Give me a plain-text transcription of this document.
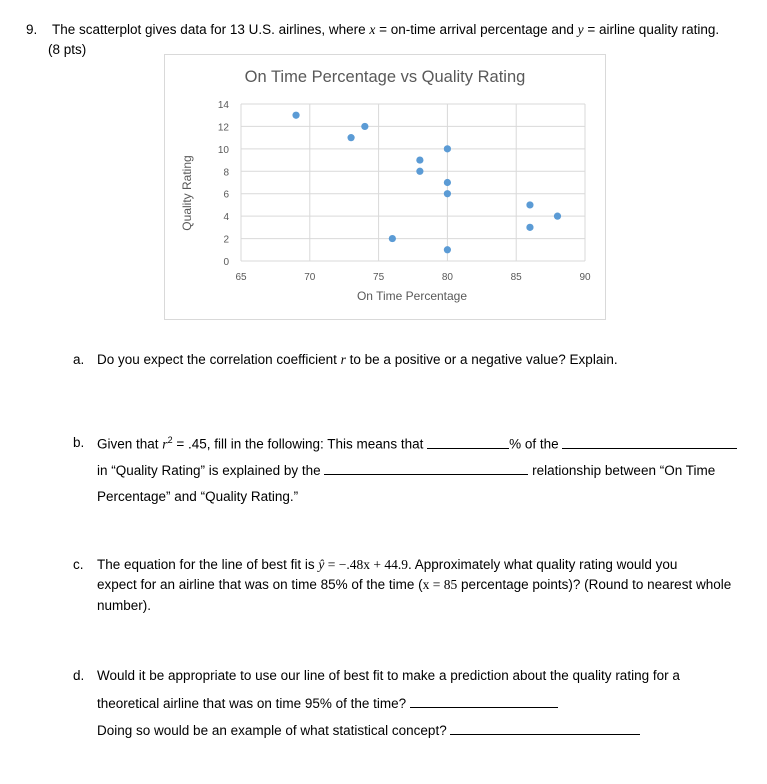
9. The scatterplot gives data for 13 U.S. airlines, where x = on-time arrival percentage and y = airline quality rating.
(8 pts)
On Time Percentage vs Quality Rating
0
2
4
6
8
10
12
14
65	70	75	80	85	90
On Time Percentage
Quality Rating
a. Do you expect the correlation coefficient r to be a positive or a negative value? Explain.
b. Given that $r^2 = .45$, fill in the following: This means that	% of the
in “Quality Rating” is explained by the	relationship between “On Time
Percentage” and “Quality Rating.”
c. The equation for the line of best fit is ŷ = −.48x + 44.9. Approximately what quality rating would you
expect for an airline that was on time 85% of the time (x = 85 percentage points)? (Round to nearest whole
number).
d. Would it be appropriate to use our line of best fit to make a prediction about the quality rating for a
theoretical airline that was on time 95% of the time?
Doing so would be an example of what statistical concept?
